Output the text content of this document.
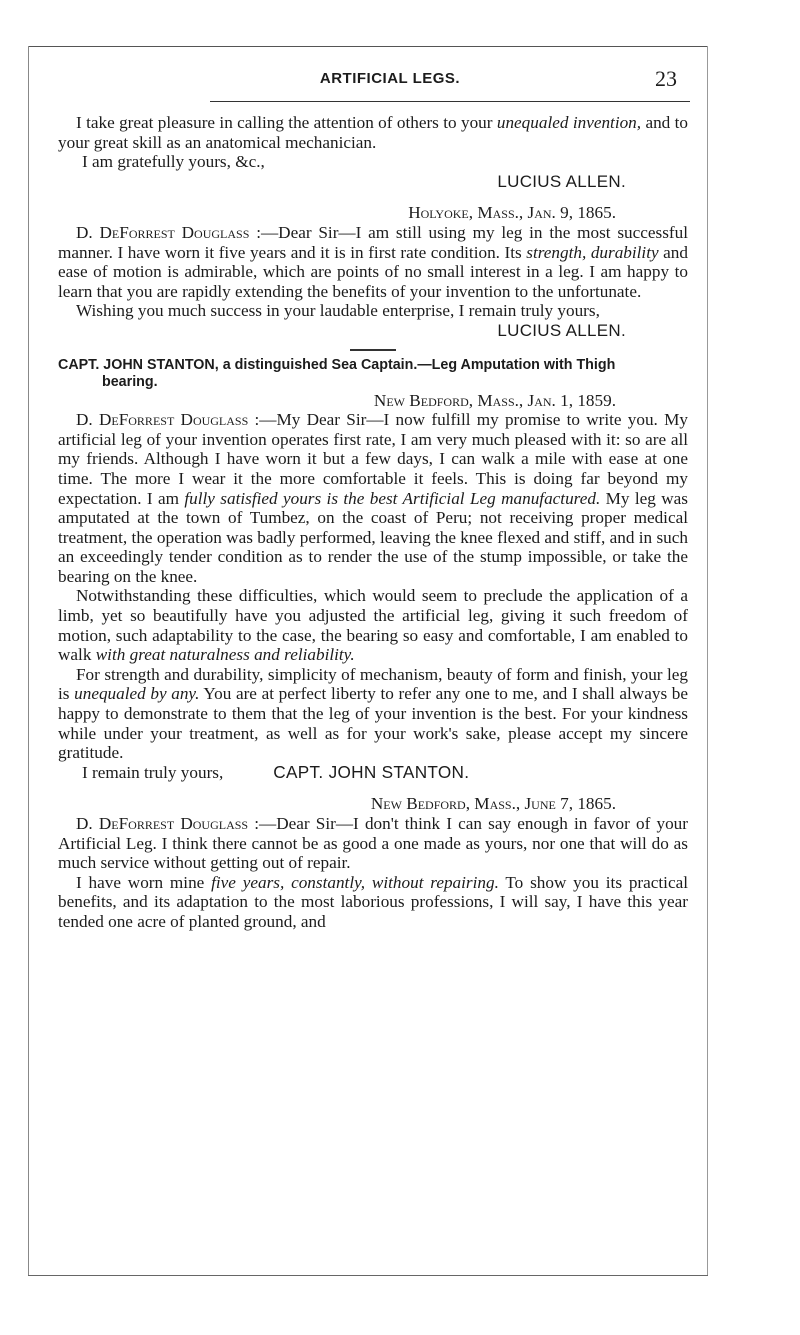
ARTIFICIAL LEGS.	23

I take great pleasure in calling the attention of others to your unequaled invention, and to your great skill as an anatomical mechanician.

I am gratefully yours, &c.,

LUCIUS ALLEN.

Holyoke, Mass., Jan. 9, 1865.

D. DeForrest Douglass :—Dear Sir—I am still using my leg in the most successful manner. I have worn it five years and it is in first rate condition. Its strength, durability and ease of motion is admirable, which are points of no small interest in a leg. I am happy to learn that you are rapidly extending the benefits of your invention to the unfortunate.

Wishing you much success in your laudable enterprise, I remain truly yours,

LUCIUS ALLEN.

CAPT. JOHN STANTON, a distinguished Sea Captain.—Leg Amputation with Thigh
bearing.

New Bedford, Mass., Jan. 1, 1859.

D. DeForrest Douglass :—My Dear Sir—I now fulfill my promise to write you. My artificial leg of your invention operates first rate, I am very much pleased with it: so are all my friends. Although I have worn it but a few days, I can walk a mile with ease at one time. The more I wear it the more comfortable it feels. This is doing far beyond my expectation. I am fully satisfied yours is the best Artificial Leg manufactured. My leg was amputated at the town of Tumbez, on the coast of Peru; not receiving proper medical treatment, the operation was badly performed, leaving the knee flexed and stiff, and in such an exceedingly tender condition as to render the use of the stump impossible, or take the bearing on the knee.

Notwithstanding these difficulties, which would seem to preclude the application of a limb, yet so beautifully have you adjusted the artificial leg, giving it such freedom of motion, such adaptability to the case, the bearing so easy and comfortable, I am enabled to walk with great naturalness and reliability.

For strength and durability, simplicity of mechanism, beauty of form and finish, your leg is unequaled by any. You are at perfect liberty to refer any one to me, and I shall always be happy to demonstrate to them that the leg of your invention is the best. For your kindness while under your treatment, as well as for your work's sake, please accept my sincere gratitude.

I remain truly yours,	CAPT. JOHN STANTON.

New Bedford, Mass., June 7, 1865.

D. DeForrest Douglass :—Dear Sir—I don't think I can say enough in favor of your Artificial Leg. I think there cannot be as good a one made as yours, nor one that will do as much service without getting out of repair.

I have worn mine five years, constantly, without repairing. To show you its practical benefits, and its adaptation to the most laborious professions, I will say, I have this year tended one acre of planted ground, and
